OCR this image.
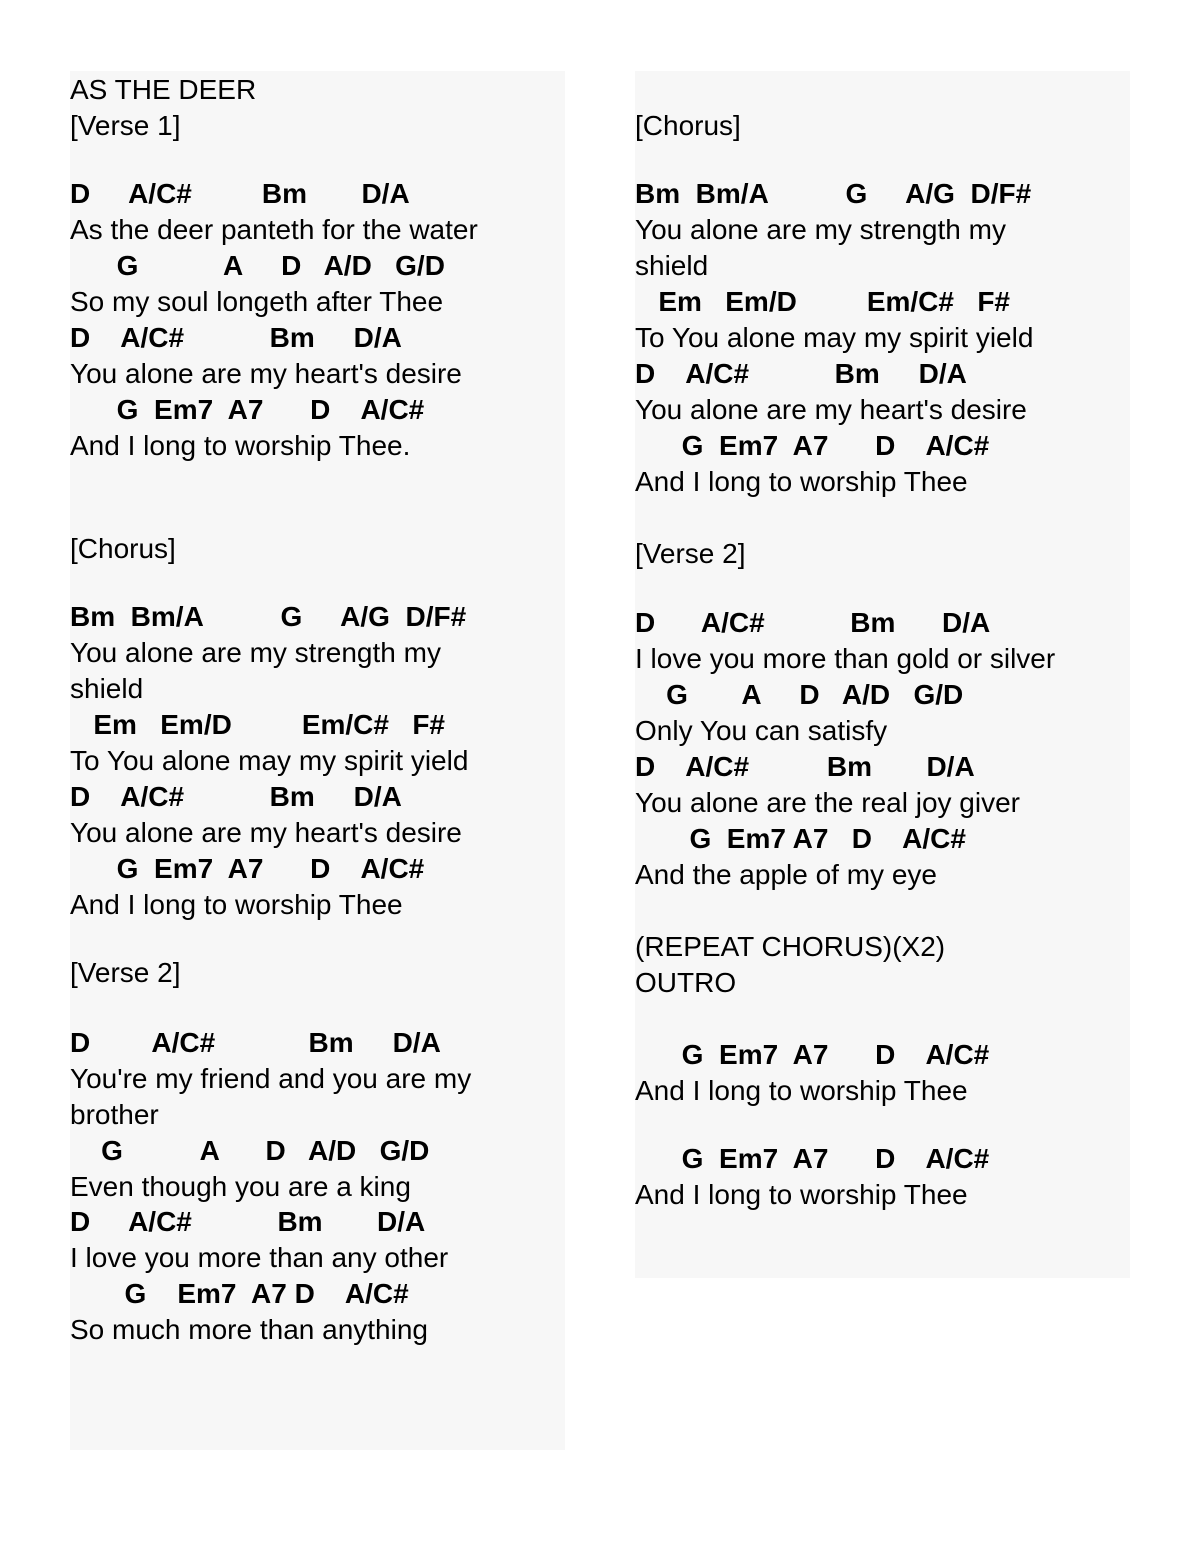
AS THE DEER
[Verse 1]
D     A/C#         Bm       D/A
As the deer panteth for the water
G           A     D   A/D   G/D
So my soul longeth after Thee
D    A/C#           Bm     D/A
You alone are my heart's desire
G  Em7  A7      D    A/C#
And I long to worship Thee.
[Chorus]
Bm  Bm/A          G     A/G  D/F#
You alone are my strength my
shield
Em   Em/D         Em/C#   F#
To You alone may my spirit yield
D    A/C#           Bm     D/A
You alone are my heart's desire
G  Em7  A7      D    A/C#
And I long to worship Thee
[Verse 2]
D        A/C#            Bm     D/A
You're my friend and you are my
brother
G          A      D   A/D   G/D
Even though you are a king
D     A/C#           Bm       D/A
I love you more than any other
G    Em7  A7 D    A/C#
So much more than anything
[Chorus]
Bm  Bm/A          G     A/G  D/F#
You alone are my strength my
shield
Em   Em/D         Em/C#   F#
To You alone may my spirit yield
D    A/C#           Bm     D/A
You alone are my heart's desire
G  Em7  A7      D    A/C#
And I long to worship Thee
[Verse 2]
D      A/C#           Bm      D/A
I love you more than gold or silver
G       A     D   A/D   G/D
Only You can satisfy
D    A/C#          Bm       D/A
You alone are the real joy giver
G  Em7 A7   D    A/C#
And the apple of my eye
(REPEAT CHORUS)(X2)
OUTRO
G  Em7  A7      D    A/C#
And I long to worship Thee
G  Em7  A7      D    A/C#
And I long to worship Thee
